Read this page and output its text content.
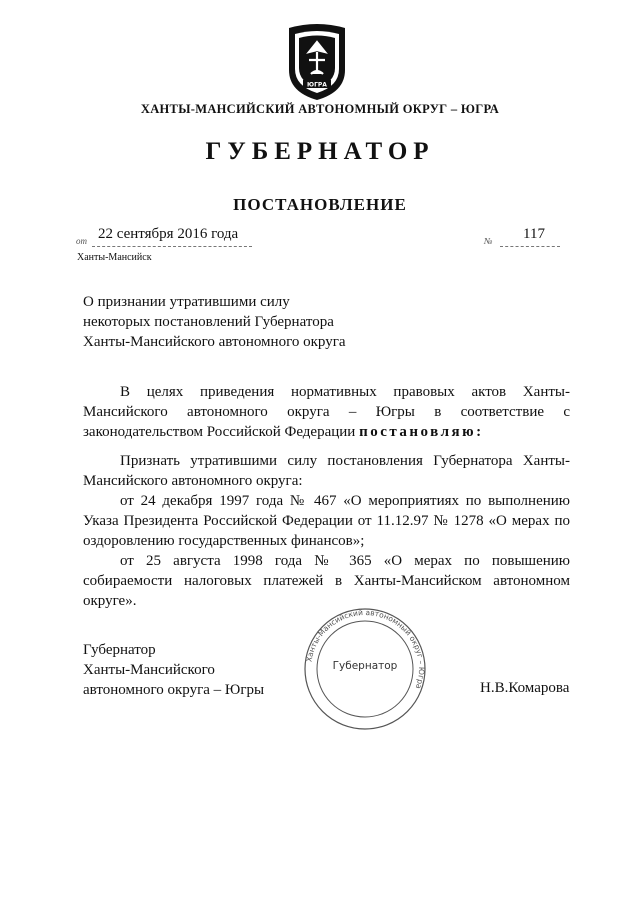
ЮГРА
ХАНТЫ-МАНСИЙСКИЙ АВТОНОМНЫЙ ОКРУГ – ЮГРА
ГУБЕРНАТОР
ПОСТАНОВЛЕНИЕ
от 22 сентября 2016 года	№ 117
Ханты-Мансийск
О признании утратившими силу
некоторых постановлений Губернатора
Ханты-Мансийского автономного округа
В целях приведения нормативных правовых актов Ханты-Мансийского автономного округа – Югры в соответствие с законодательством Российской Федерации постановляю:
Признать утратившими силу постановления Губернатора Ханты-Мансийского автономного округа:
от 24 декабря 1997 года № 467 «О мероприятиях по выполнению Указа Президента Российской Федерации от 11.12.97 № 1278 «О мерах по оздоровлению государственных финансов»;
от 25 августа 1998 года № 365 «О мерах по повышению собираемости налоговых платежей в Ханты-Мансийском автономном округе».
Губернатор
Ханты-Мансийского
автономного округа – Югры
Ханты-Мансийский автономный округ – Югра
Губернатор
Н.В.Комарова
